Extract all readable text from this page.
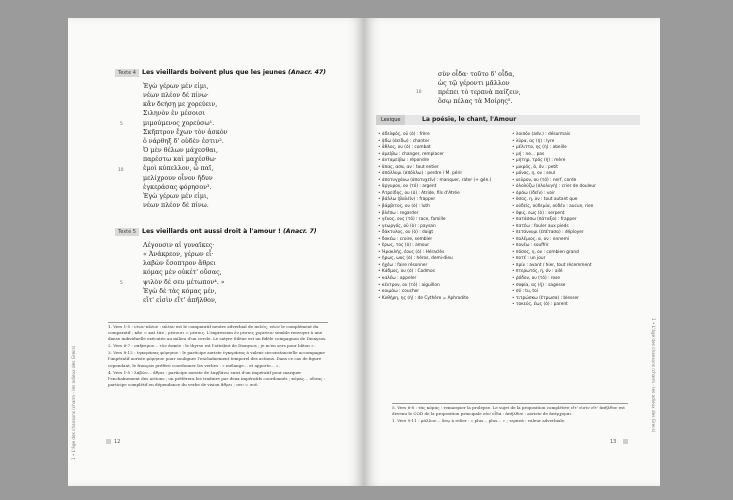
1 • L'âge des chansons (charm - les adieux des Grecs)
Texte 4 Les vieillards boivent plus que les jeunes (Anacr. 47)
Ἐγὼ γέρων μέν εἰμι,
νέων πλέον δὲ πίνω·
κἂν δεήσῃ με χορεύειν,
Σιληνὸν ἐν μέσοισι
μιμούμενος χορεύσω¹.
Σκῆπτρον ἔχων τὸν ἀσκὸν
ὁ νάρθηξ δ' οὐδὲν ἐστιν².
Ὁ μὲν θέλων μάχεσθαι,
παρέστω καὶ μαχέσθω·
ἐμοὶ κύπελλον, ὦ παῖ,
μελίχρουν οἶνον ἤδυν
ἐγκεράσας φόρησον³.
Ἐγὼ γέρων μέν εἰμι,
νέων πλέον δὲ πίνω.
5
10
Texte 5 Les vieillards ont aussi droit à l'amour ! (Anacr. 7)
Λέγουσιν αἱ γυναῖκες·
« Ἀνάκρεον, γέρων εἶ·
λαβὼν ἔσοπτρον ἄθρει
κόμας μὲν οὐκέτ' οὔσας,
ψιλὸν δέ σευ μέτωπον⁴. »
Ἐγὼ δὲ τὰς κόμας μέν,
εἴτ' εἰσὶν εἴτ' ἀπῆλθον,
5

1. Vers 1-5 : νέων πλέον : πλέον est le comparatif neutre adverbial de πολύς, νέων le complément du comparatif ; κἂν = καὶ ἐὰν ; μέσοισι = μέσοις. L'expression ἐν μέσοις χορεύειν semble renvoyer à une danse individuelle exécutée au milieu d'un cercle. Le satyre Silène est un fidèle compagnon de Dionysos.

2. Vers 6-7 : σκῆπτρον… τὸν ἀσκὸν : le thyrse est l'attribut de Dionysos ; je m'en sers pour bâton ».

3. Vers 8-12 : ἐγκεράσας φόρησον : le participe aoriste ἐγκεράσας à valeur circonstancielle accompagne l'impératif aoriste φόρησον pour souligner l'enchaînement temporel des actions. Dans ce cas de figure cependant, le français préfère coordonner les verbes : « mélange… et apporte… ».

4. Vers 1-5 : λαβὼν… ἄθρει : participe aoriste de λαμβάνω suivi d'un impératif pour marquer l'enchaînement des actions ; on préférera les traduire par deux impératifs coordonnés ; κόμας… οὔσας : participe complétif en dépendance du verbe de vision ἄθρει ; σευ = σοῦ.

12
σὺν οἶδα· τοῦτο δ' οἶδα,
ὡς τῷ γέροντι μᾶλλον
πρέπει τὸ τερπνὰ παίζειν,
ὅσῳ πέλας τὰ Μοίρης⁵.
10
Lexique	La poésie, le chant, l'Amour
• ἀδελφός, οῦ (ὁ) : frère
• ᾄδω (ἀείδω) : chanter
• ἆθλος, ου (ὁ) : combat
• ἀμείβω : changer, remplacer
• ἀνταμείβω : répondre
• ἅπας, ασα, αν : tout entier
• ἀπόλλυμι (ἀπόλλω) : perdre / M. périr
• ἀποτυγχάνω (ἀποτυχεῖν) : manquer, rater (+ gén.)
• ἄργυρον, ου (τό) : argent
• Ἀτρείδης, ου (ὁ) : Atride, fils d'Atrée
• βάλλω (βαλεῖν) : frapper
• βάρβιτος, ου (ὁ) : luth
• βλέπω : regarder
• γένος, ους (τό) : race, famille
• γεωργός, οῦ (ὁ) : paysan
• δάκτυλος, ου (ὁ) : doigt
• δοκέω : croire, sembler
• ἔρως, τος (ὁ) : amour
• Ἡρακλῆς, έους (ὁ) : Héraclès
• ἥρως, ωος (ὁ) : héros, demi-dieu
• ἠχέω : faire résonner
• Κάδμος, ου (ὁ) : Cadmos
• καλέω : appeler
• κέντρον, ου (τό) : aiguillon
• κοιμάω : coucher
• Κυθήρη, ης (ἡ) : de Cythère = Aphrodite
• λοιπόν (adv.) : désormais
• λύρα, ας (ἡ) : lyre
• μέλιττα, ης (ἡ) : abeille
• μή : ne… pas
• μήτηρ, τρός (ἡ) : mère
• μικρός, ά, όν : petit
• μόνος, η, ον : seul
• νεῦρον, ου (τό) : nerf, corde
• ὀλολύζω (ὀλολυγή) : crier de douleur
• ὁράω (ἰδεῖν) : voir
• ὅσος, η, ον : tout autant que
• οὐδείς, οὐδεμία, οὐδέν : aucun, rien
• ὄφις, εως (ὁ) : serpent
• πατάσσω (πάταξα) : frapper
• πατέω : fouler aux pieds
• πετάννυμι (ἐπέτασα) : déployer
• πολέμιος, α, ον : ennemi
• πονέω : souffrir
• πόσος, η, ον : combien grand
• ποτέ : un jour
• πρίν : avant / hier, tout récemment
• πτερωτός, ή, όν : ailé
• ῥόδον, ου (τό) : rose
• σοφία, ας (ἡ) : sagesse
• σύ : tu, toi
• τιτρώσκω (ἔτρωσα) : blesser
• τοκεύς, έως (ὁ) : parent

5. Vers 6-8 : τὰς κόμας : remarquer la prolepse. Le sujet de la proposition complétive εἴτ' εἰσὶν εἴτ' ἀπῆλθον est devenu le COD de la proposition principale σὺν οἶδα : ἀπῆλθον : aoriste de ἀπέρχομαι.

1. Vers 9-11 : μᾶλλον… ὅσῳ à relier : « plus… plus… » ; τερπνά : valeur adverbiale.

13
1 • L'âge des chansons (charm - les adieux des Grecs)
